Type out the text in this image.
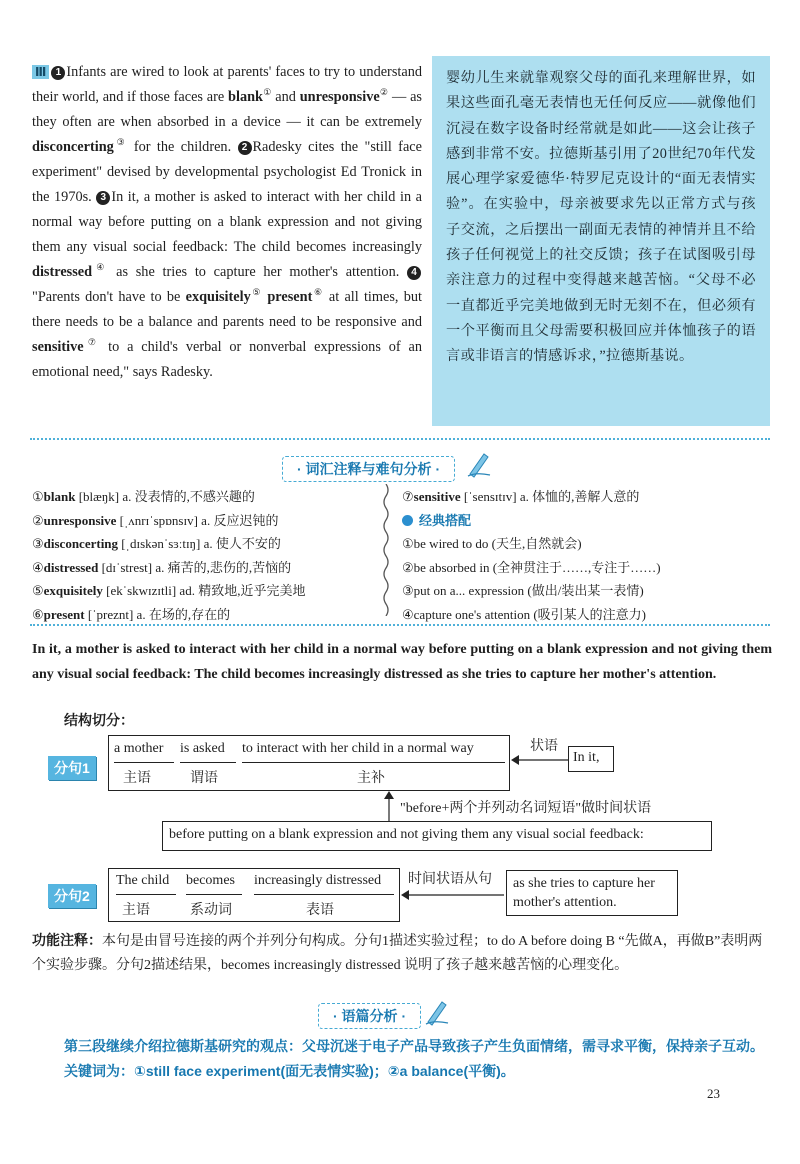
Ⅲ 1 Infants are wired to look at parents' faces to try to understand their world, and if those faces are blank① and unresponsive② — as they often are when absorbed in a device — it can be extremely disconcerting③ for the children. 2 Radesky cites the "still face experiment" devised by developmental psychologist Ed Tronick in the 1970s. 3 In it, a mother is asked to interact with her child in a normal way before putting on a blank expression and not giving them any visual social feedback: The child becomes increasingly distressed④ as she tries to capture her mother's attention. 4"Parents don't have to be exquisitely⑤ present⑥ at all times, but there needs to be a balance and parents need to be responsive and sensitive⑦ to a child's verbal or nonverbal expressions of an emotional need," says Radesky.
婴幼儿生来就靠观察父母的面孔来理解世界，如果这些面孔毫无表情也无任何反应——就像他们沉浸在数字设备时经常就是如此——这会让孩子感到非常不安。拉德斯基引用了20世纪70年代发展心理学家爱德华·特罗尼克设计的“面无表情实验”。在实验中，母亲被要求先以正常方式与孩子交流，之后摆出一副面无表情的神情并且不给孩子任何视觉上的社交反馈；孩子在试图吸引母亲注意力的过程中变得越来越苦恼。“父母不必一直都近乎完美地做到无时无刻不在，但必须有一个平衡而且父母需要积极回应并体恤孩子的语言或非语言的情感诉求，”拉德斯基说。
· 词汇注释与难句分析 ·
①blank [blæŋk] a. 没表情的,不感兴趣的
②unresponsive [ˌʌnrɪˈspɒnsɪv] a. 反应迟钝的
③disconcerting [ˌdɪskənˈsɜːtɪŋ] a. 使人不安的
④distressed [dɪˈstrest] a. 痛苦的,悲伤的,苦恼的
⑤exquisitely [ekˈskwɪzɪtli] ad. 精致地,近乎完美地
⑥present [ˈpreznt] a. 在场的,存在的
⑦sensitive [ˈsensɪtɪv] a. 体恤的,善解人意的
经典搭配
①be wired to do (天生,自然就会)
②be absorbed in (全神贯注于……,专注于……)
③put on a... expression (做出/装出某一表情)
④capture one's attention (吸引某人的注意力)
In it, a mother is asked to interact with her child in a normal way before putting on a blank expression and not giving them any visual social feedback: The child becomes increasingly distressed as she tries to capture her mother's attention.
结构切分：
分句1
a mother
主语
is asked
谓语
to interact with her child in a normal way
主补
状语
In it,
"before+两个并列动名词短语"做时间状语
before putting on a blank expression and not giving them any visual social feedback:
分句2
The child
主语
becomes
系动词
increasingly distressed
表语
时间状语从句 as she tries to capture her
mother's attention.
功能注释：本句是由冒号连接的两个并列分句构成。分句1描述实验过程；to do A before doing B “先做A，再做B”表明两个实验步骤。分句2描述结果，becomes increasingly distressed 说明了孩子越来越苦恼的心理变化。
· 语篇分析 ·
第三段继续介绍拉德斯基研究的观点：父母沉迷于电子产品导致孩子产生负面情绪，需寻求平衡，保持亲子互动。关键词为：①still face experiment(面无表情实验)；②a balance(平衡)。
23
